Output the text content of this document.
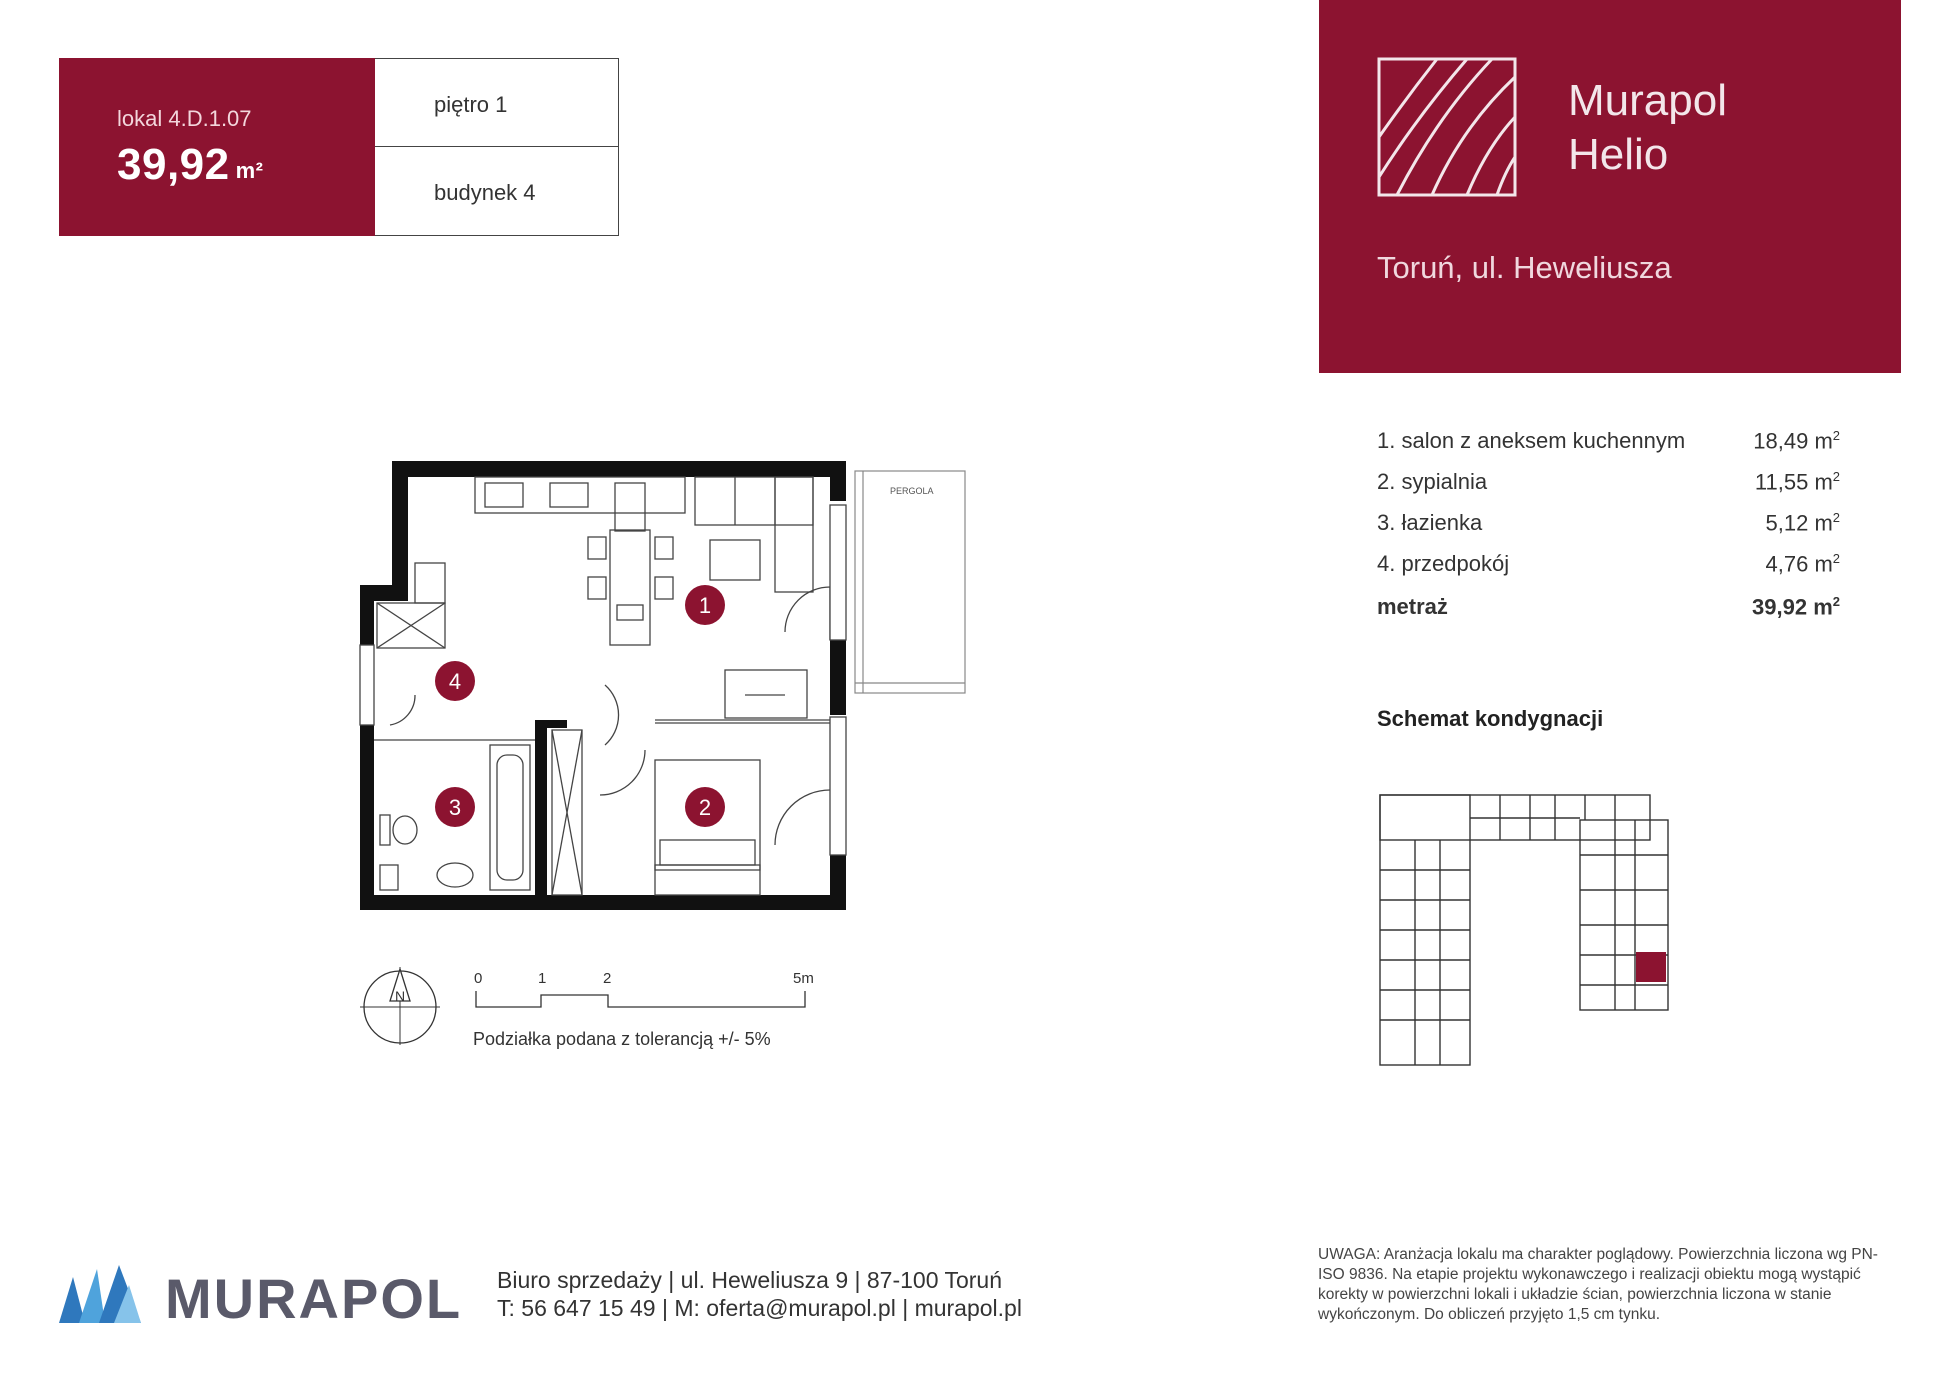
lokal 4.D.1.07
39,92 $^{m^2}$
piętro 1
budynek 4
Murapol
Helio
Toruń, ul. Heweliusza
1. salon z aneksem kuchennym	18,49 $m^2$
2. sypialnia	11,55 $m^2$
3. łazienka	5,12 $m^2$
4. przedpokój	4,76 $m^2$
metraż	39,92 $m^2$
Schemat kondygnacji
PERGOLA
1
2
3
4
N
0	1	2	5m
Podziałka podana z tolerancją +/- 5%
MURAPOL Biuro sprzedaży | ul. Heweliusza 9 | 87-100 Toruń
T: 56 647 15 49 | M: oferta@murapol.pl | murapol.pl
UWAGA: Aranżacja lokalu ma charakter poglądowy. Powierzchnia liczona wg PN-ISO 9836. Na etapie projektu wykonawczego i realizacji obiektu mogą wystąpić korekty w powierzchni lokali i układzie ścian, powierzchnia liczona w stanie wykończonym. Do obliczeń przyjęto 1,5 cm tynku.
